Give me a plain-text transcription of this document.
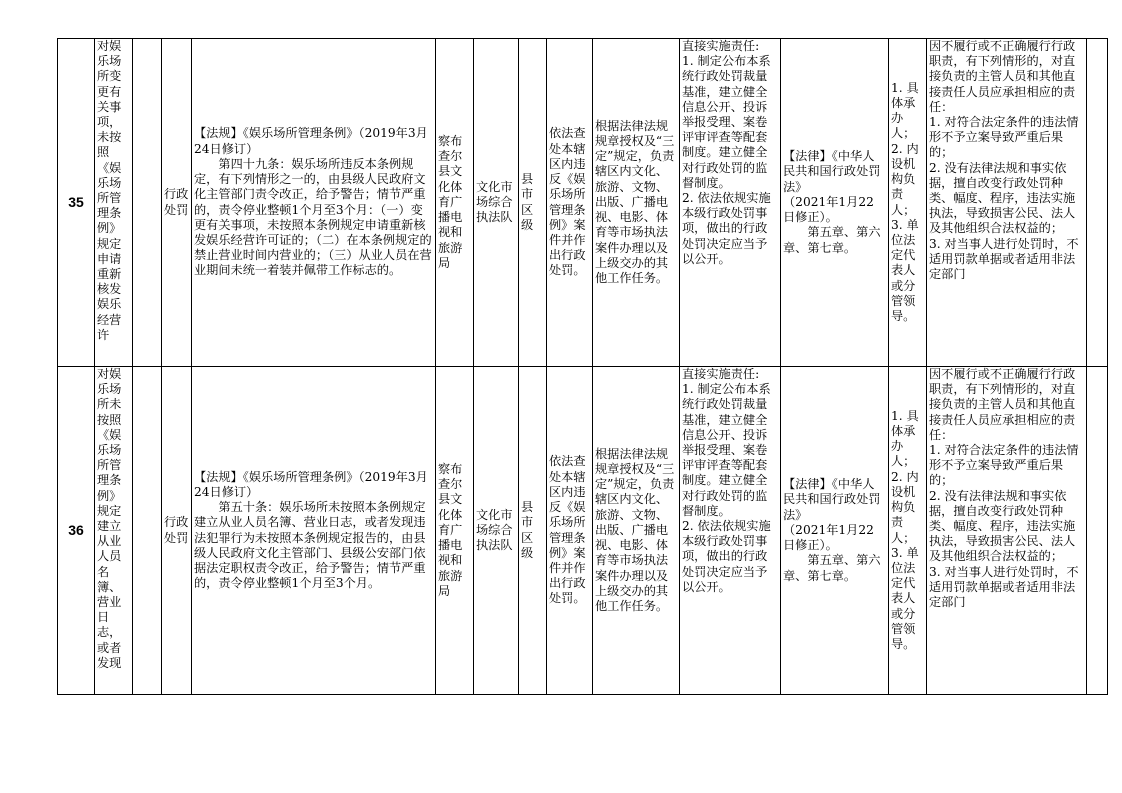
35	对娱乐场所变更有关事项，未按照《娱乐场所管理条例》规定申请重新核发娱乐经营许		行政处罚	【法规】《娱乐场所管理条例》（2019年3月24日修订）
第四十九条：娱乐场所违反本条例规定，有下列情形之一的，由县级人民政府文化主管部门责令改正，给予警告；情节严重的，责令停业整顿1个月至3个月：（一）变更有关事项，未按照本条例规定申请重新核发娱乐经营许可证的；（二）在本条例规定的禁止营业时间内营业的；（三）从业人员在营业期间未统一着装并佩带工作标志的。	察布查尔县文化体育广播电视和旅游局	文化市场综合执法队	县市区级	依法查处本辖区内违反《娱乐场所管理条例》案件并作出行政处罚。	根据法律法规规章授权及“三定”规定，负责辖区内文化、旅游、文物、出版、广播电视、电影、体育等市场执法案件办理以及上级交办的其他工作任务。	直接实施责任:
1. 制定公布本系统行政处罚裁量基准，建立健全信息公开、投诉举报受理、案卷评审评查等配套制度。建立健全对行政处罚的监督制度。
2. 依法依规实施本级行政处罚事项，做出的行政处罚决定应当予以公开。	【法律】《中华人民共和国行政处罚法》
（2021年1月22日修正）。
第五章、第六章、第七章。	1. 具体承办人；
2. 内设机构负责人；
3. 单位法定代表人或分管领导。	因不履行或不正确履行行政职责，有下列情形的，对直接负责的主管人员和其他直接责任人员应承担相应的责任：
1. 对符合法定条件的违法情形不予立案导致严重后果的；
2. 没有法律法规和事实依据，擅自改变行政处罚种类、幅度、程序，违法实施执法，导致损害公民、法人及其他组织合法权益的；
3. 对当事人进行处罚时，不适用罚款单据或者适用非法定部门	

36	对娱乐场所未按照《娱乐场所管理条例》规定建立从业人员名簿、营业日志，或者发现		行政处罚	【法规】《娱乐场所管理条例》（2019年3月24日修订）
第五十条：娱乐场所未按照本条例规定建立从业人员名簿、营业日志，或者发现违法犯罪行为未按照本条例规定报告的，由县级人民政府文化主管部门、县级公安部门依据法定职权责令改正，给予警告；情节严重的，责令停业整顿1个月至3个月。	察布查尔县文化体育广播电视和旅游局	文化市场综合执法队	县市区级	依法查处本辖区内违反《娱乐场所管理条例》案件并作出行政处罚。	根据法律法规规章授权及“三定”规定，负责辖区内文化、旅游、文物、出版、广播电视、电影、体育等市场执法案件办理以及上级交办的其他工作任务。	直接实施责任:
1. 制定公布本系统行政处罚裁量基准，建立健全信息公开、投诉举报受理、案卷评审评查等配套制度。建立健全对行政处罚的监督制度。
2. 依法依规实施本级行政处罚事项，做出的行政处罚决定应当予以公开。	【法律】《中华人民共和国行政处罚法》
（2021年1月22日修正）。
第五章、第六章、第七章。	1. 具体承办人；
2. 内设机构负责人；
3. 单位法定代表人或分管领导。	因不履行或不正确履行行政职责，有下列情形的，对直接负责的主管人员和其他直接责任人员应承担相应的责任：
1. 对符合法定条件的违法情形不予立案导致严重后果的；
2. 没有法律法规和事实依据，擅自改变行政处罚种类、幅度、程序，违法实施执法，导致损害公民、法人及其他组织合法权益的；
3. 对当事人进行处罚时，不适用罚款单据或者适用非法定部门	
